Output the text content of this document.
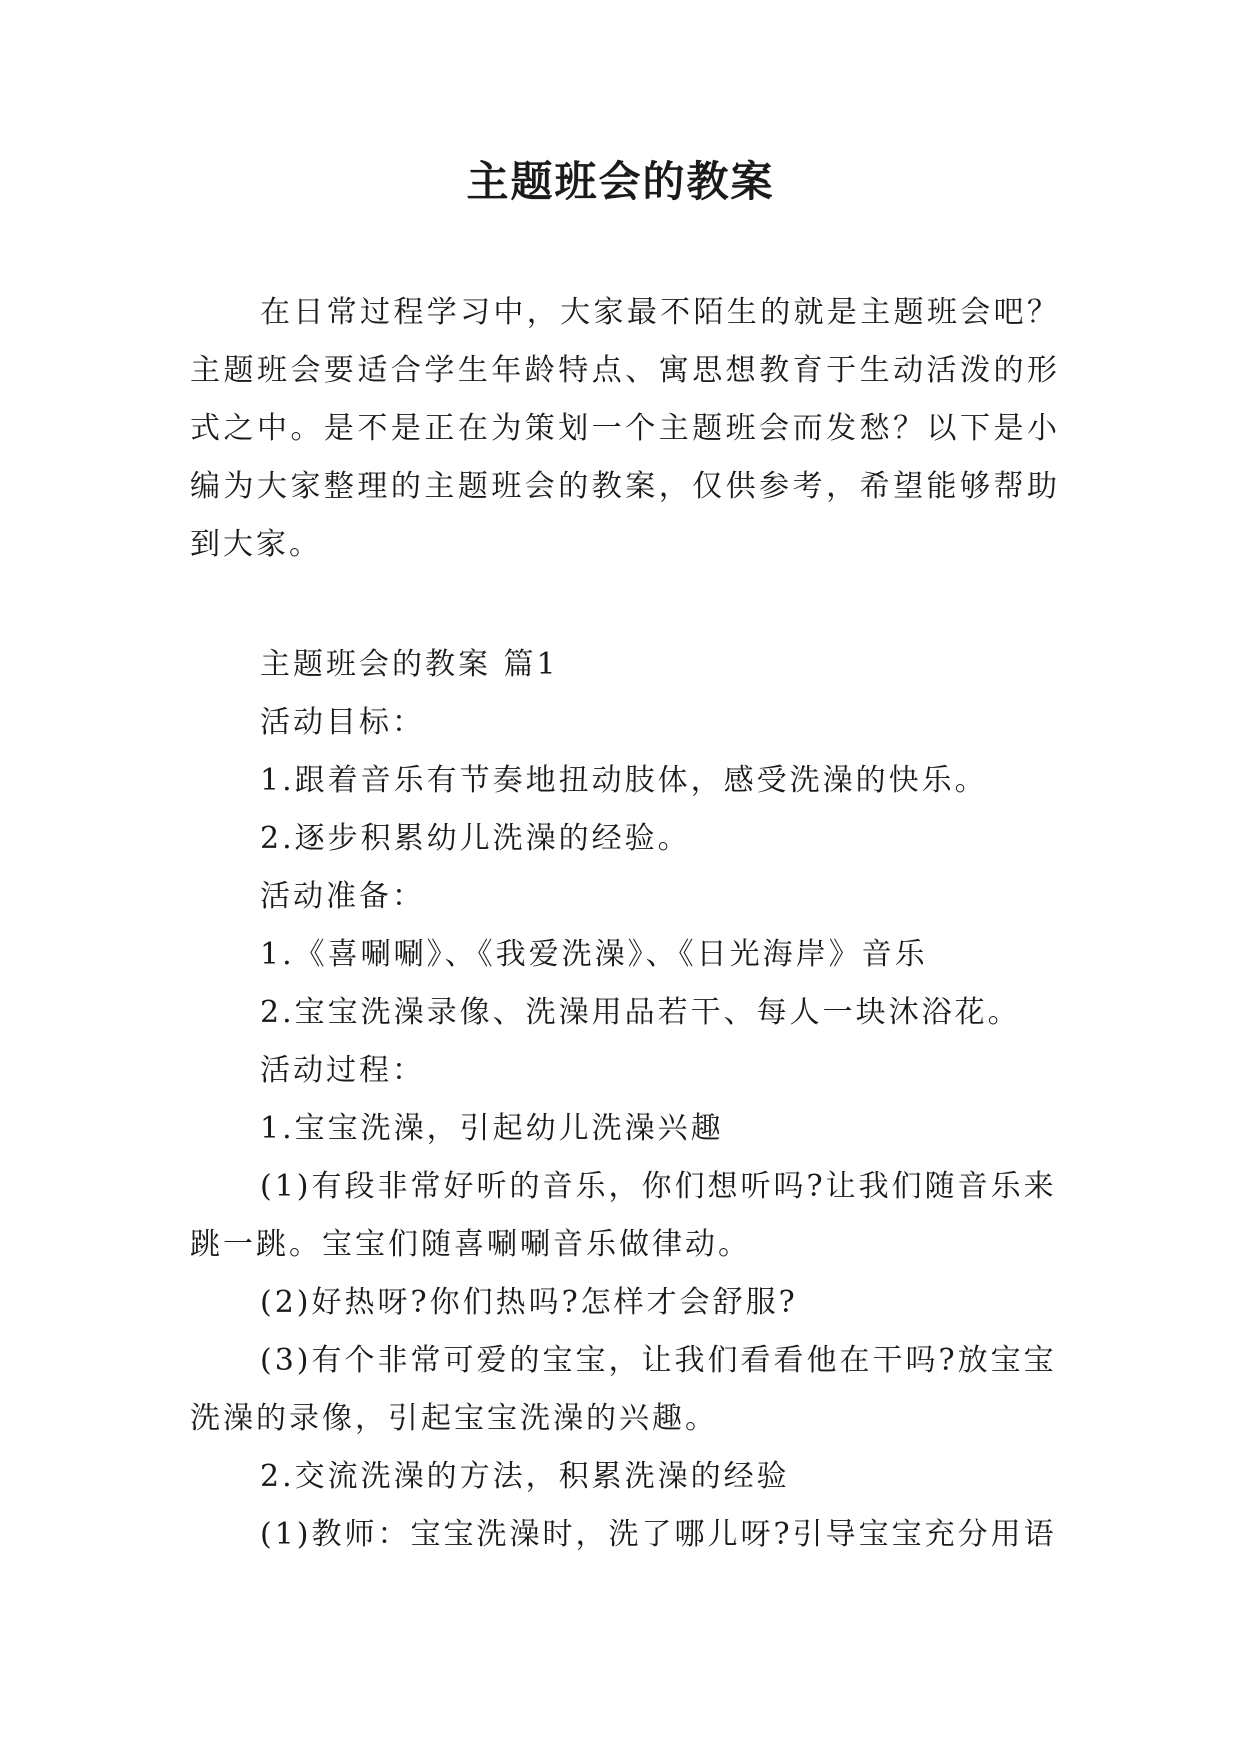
主题班会的教案

在日常过程学习中，大家最不陌生的就是主题班会吧？主题班会要适合学生年龄特点、寓思想教育于生动活泼的形式之中。是不是正在为策划一个主题班会而发愁？以下是小编为大家整理的主题班会的教案，仅供参考，希望能够帮助到大家。

主题班会的教案 篇1

活动目标：

1.跟着音乐有节奏地扭动肢体，感受洗澡的快乐。

2.逐步积累幼儿洗澡的经验。

活动准备：

1.《喜唰唰》、《我爱洗澡》、《日光海岸》音乐

2.宝宝洗澡录像、洗澡用品若干、每人一块沐浴花。

活动过程：

1.宝宝洗澡，引起幼儿洗澡兴趣

(1)有段非常好听的音乐，你们想听吗?让我们随音乐来跳一跳。宝宝们随喜唰唰音乐做律动。

(2)好热呀?你们热吗?怎样才会舒服?

(3)有个非常可爱的宝宝，让我们看看他在干吗?放宝宝洗澡的录像，引起宝宝洗澡的兴趣。

2.交流洗澡的方法，积累洗澡的经验

(1)教师：宝宝洗澡时，洗了哪儿呀?引导宝宝充分用语
